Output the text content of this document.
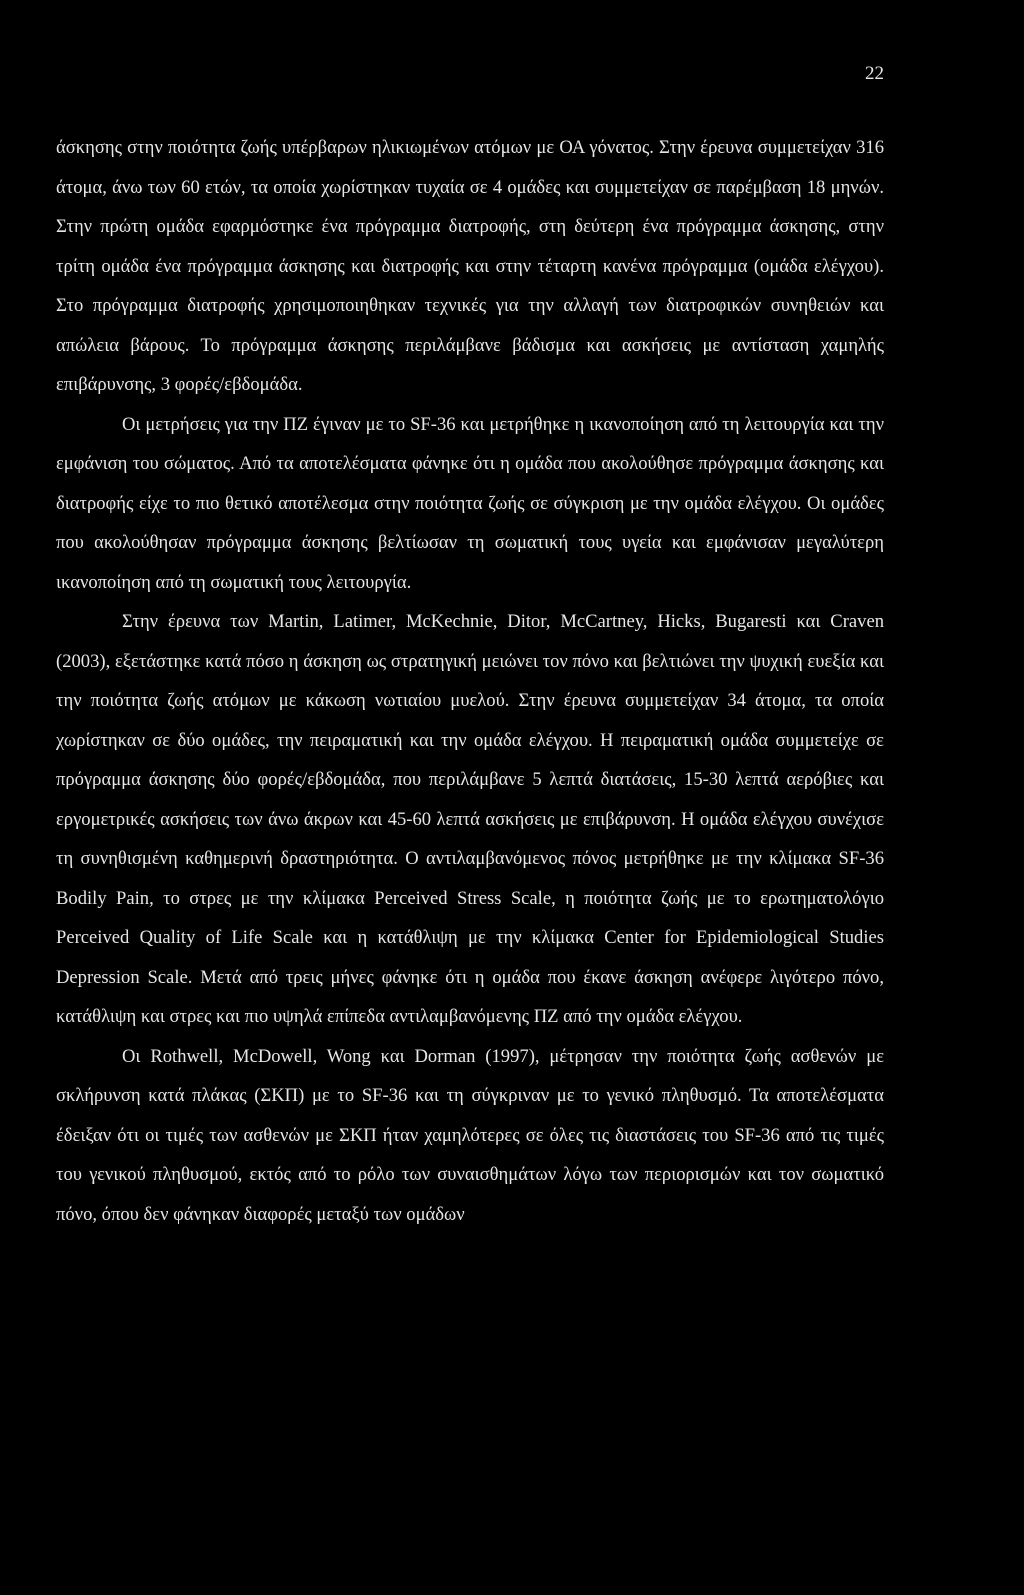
22

άσκησης στην ποιότητα ζωής υπέρβαρων ηλικιωμένων ατόμων με ΟΑ γόνατος. Στην έρευνα συμμετείχαν 316 άτομα, άνω των 60 ετών, τα οποία χωρίστηκαν τυχαία σε 4 ομάδες και συμμετείχαν σε παρέμβαση 18 μηνών. Στην πρώτη ομάδα εφαρμόστηκε ένα πρόγραμμα διατροφής, στη δεύτερη ένα πρόγραμμα άσκησης, στην τρίτη ομάδα ένα πρόγραμμα άσκησης και διατροφής και στην τέταρτη κανένα πρόγραμμα (ομάδα ελέγχου). Στο πρόγραμμα διατροφής χρησιμοποιηθηκαν τεχνικές για την αλλαγή των διατροφικών συνηθειών και απώλεια βάρους. Το πρόγραμμα άσκησης περιλάμβανε βάδισμα και ασκήσεις με αντίσταση χαμηλής επιβάρυνσης, 3 φορές/εβδομάδα.

Οι μετρήσεις για την ΠΖ έγιναν με το SF-36 και μετρήθηκε η ικανοποίηση από τη λειτουργία και την εμφάνιση του σώματος. Από τα αποτελέσματα φάνηκε ότι η ομάδα που ακολούθησε πρόγραμμα άσκησης και διατροφής είχε το πιο θετικό αποτέλεσμα στην ποιότητα ζωής σε σύγκριση με την ομάδα ελέγχου. Οι ομάδες που ακολούθησαν πρόγραμμα άσκησης βελτίωσαν τη σωματική τους υγεία και εμφάνισαν μεγαλύτερη ικανοποίηση από τη σωματική τους λειτουργία.

Στην έρευνα των Martin, Latimer, McKechnie, Ditor, McCartney, Hicks, Bugaresti και Craven (2003), εξετάστηκε κατά πόσο η άσκηση ως στρατηγική μειώνει τον πόνο και βελτιώνει την ψυχική ευεξία και την ποιότητα ζωής ατόμων με κάκωση νωτιαίου μυελού. Στην έρευνα συμμετείχαν 34 άτομα, τα οποία χωρίστηκαν σε δύο ομάδες, την πειραματική και την ομάδα ελέγχου. Η πειραματική ομάδα συμμετείχε σε πρόγραμμα άσκησης δύο φορές/εβδομάδα, που περιλάμβανε 5 λεπτά διατάσεις, 15-30 λεπτά αερόβιες και εργομετρικές ασκήσεις των άνω άκρων και 45-60 λεπτά ασκήσεις με επιβάρυνση. Η ομάδα ελέγχου συνέχισε τη συνηθισμένη καθημερινή δραστηριότητα. Ο αντιλαμβανόμενος πόνος μετρήθηκε με την κλίμακα SF-36 Bodily Pain, το στρες με την κλίμακα Perceived Stress Scale, η ποιότητα ζωής με το ερωτηματολόγιο Perceived Quality of Life Scale και η κατάθλιψη με την κλίμακα Center for Epidemiological Studies Depression Scale. Μετά από τρεις μήνες φάνηκε ότι η ομάδα που έκανε άσκηση ανέφερε λιγότερο πόνο, κατάθλιψη και στρες και πιο υψηλά επίπεδα αντιλαμβανόμενης ΠΖ από την ομάδα ελέγχου.

Οι Rothwell, McDowell, Wong και Dorman (1997), μέτρησαν την ποιότητα ζωής ασθενών με σκλήρυνση κατά πλάκας (ΣΚΠ) με το SF-36 και τη σύγκριναν με το γενικό πληθυσμό. Τα αποτελέσματα έδειξαν ότι οι τιμές των ασθενών με ΣΚΠ ήταν χαμηλότερες σε όλες τις διαστάσεις του SF-36 από τις τιμές του γενικού πληθυσμού, εκτός από το ρόλο των συναισθημάτων λόγω των περιορισμών και τον σωματικό πόνο, όπου δεν φάνηκαν διαφορές μεταξύ των ομάδων
